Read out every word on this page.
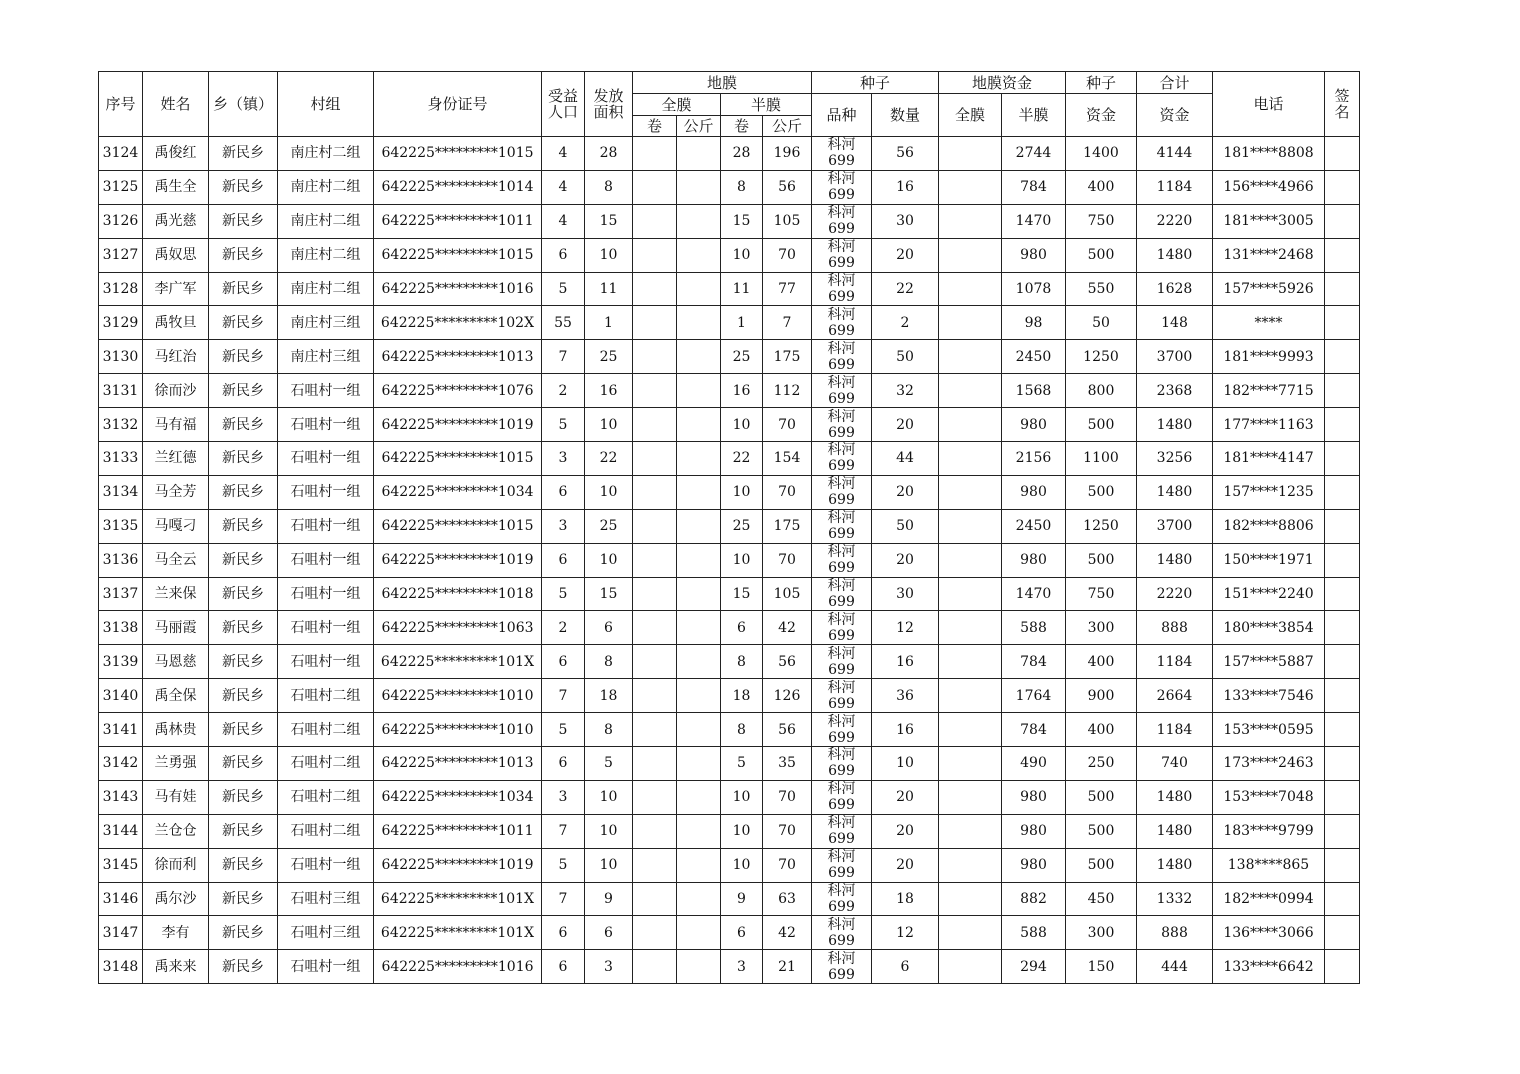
序号	姓名	乡（镇）	村组	身份证号	受益
人口	发放
面积	地膜				种子		地膜资金		种子	合计	电话	签
名
							全膜		半膜		品种	数量	全膜	半膜	资金	资金		
							卷	公斤	卷	公斤								
3124	禹俊红	新民乡	南庄村二组	642225*********1015	4	28			28	196	科河
699	56		2744	1400	4144	181****8808	
3125	禹生全	新民乡	南庄村二组	642225*********1014	4	8			8	56	科河
699	16		784	400	1184	156****4966	
3126	禹光慈	新民乡	南庄村二组	642225*********1011	4	15			15	105	科河
699	30		1470	750	2220	181****3005	
3127	禹奴思	新民乡	南庄村二组	642225*********1015	6	10			10	70	科河
699	20		980	500	1480	131****2468	
3128	李广军	新民乡	南庄村二组	642225*********1016	5	11			11	77	科河
699	22		1078	550	1628	157****5926	
3129	禹牧旦	新民乡	南庄村三组	642225*********102X	55	1			1	7	科河
699	2		98	50	148	****	
3130	马红治	新民乡	南庄村三组	642225*********1013	7	25			25	175	科河
699	50		2450	1250	3700	181****9993	
3131	徐而沙	新民乡	石咀村一组	642225*********1076	2	16			16	112	科河
699	32		1568	800	2368	182****7715	
3132	马有福	新民乡	石咀村一组	642225*********1019	5	10			10	70	科河
699	20		980	500	1480	177****1163	
3133	兰红德	新民乡	石咀村一组	642225*********1015	3	22			22	154	科河
699	44		2156	1100	3256	181****4147	
3134	马全芳	新民乡	石咀村一组	642225*********1034	6	10			10	70	科河
699	20		980	500	1480	157****1235	
3135	马嘎刁	新民乡	石咀村一组	642225*********1015	3	25			25	175	科河
699	50		2450	1250	3700	182****8806	
3136	马全云	新民乡	石咀村一组	642225*********1019	6	10			10	70	科河
699	20		980	500	1480	150****1971	
3137	兰来保	新民乡	石咀村一组	642225*********1018	5	15			15	105	科河
699	30		1470	750	2220	151****2240	
3138	马丽霞	新民乡	石咀村一组	642225*********1063	2	6			6	42	科河
699	12		588	300	888	180****3854	
3139	马恩慈	新民乡	石咀村一组	642225*********101X	6	8			8	56	科河
699	16		784	400	1184	157****5887	
3140	禹全保	新民乡	石咀村二组	642225*********1010	7	18			18	126	科河
699	36		1764	900	2664	133****7546	
3141	禹林贵	新民乡	石咀村二组	642225*********1010	5	8			8	56	科河
699	16		784	400	1184	153****0595	
3142	兰勇强	新民乡	石咀村二组	642225*********1013	6	5			5	35	科河
699	10		490	250	740	173****2463	
3143	马有娃	新民乡	石咀村二组	642225*********1034	3	10			10	70	科河
699	20		980	500	1480	153****7048	
3144	兰仓仓	新民乡	石咀村二组	642225*********1011	7	10			10	70	科河
699	20		980	500	1480	183****9799	
3145	徐而利	新民乡	石咀村一组	642225*********1019	5	10			10	70	科河
699	20		980	500	1480	138****865	
3146	禹尔沙	新民乡	石咀村三组	642225*********101X	7	9			9	63	科河
699	18		882	450	1332	182****0994	
3147	李有	新民乡	石咀村三组	642225*********101X	6	6			6	42	科河
699	12		588	300	888	136****3066	
3148	禹来来	新民乡	石咀村一组	642225*********1016	6	3			3	21	科河
699	6		294	150	444	133****6642	
